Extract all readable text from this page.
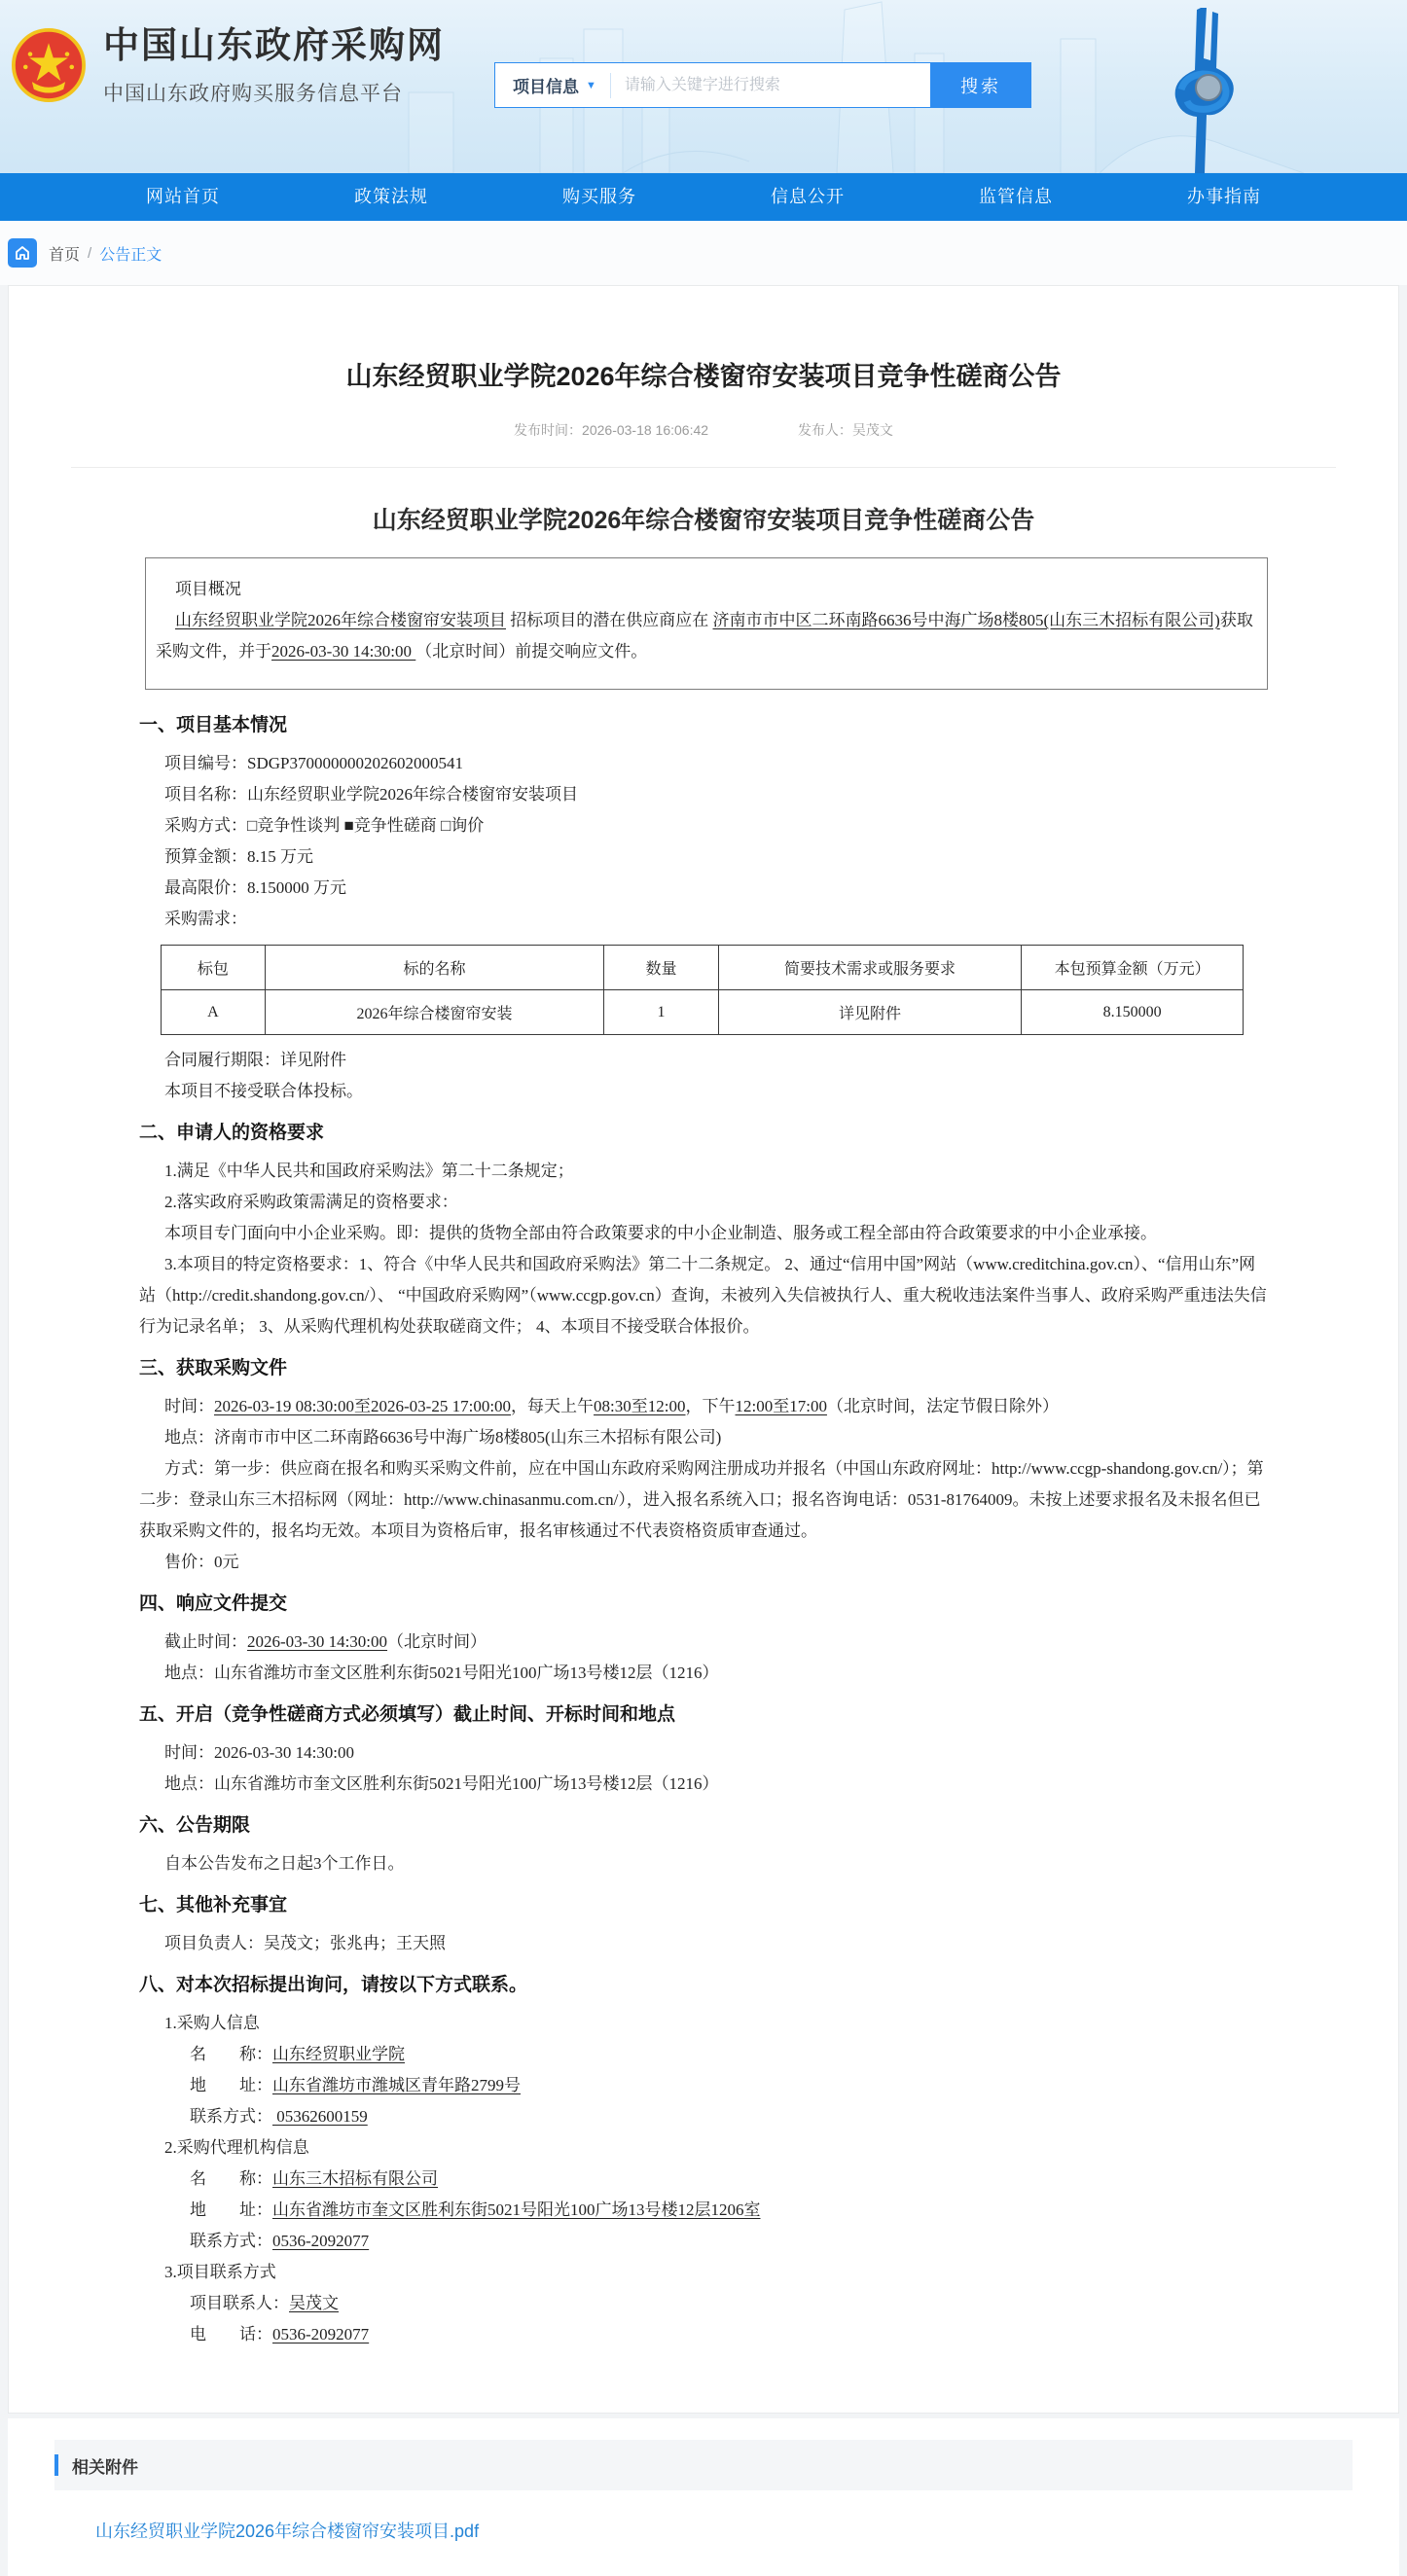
中国山东政府采购网
中国山东政府购买服务信息平台	项目信息 ▼
请输入关键字进行搜索	搜索
网站首页	政策法规	购买服务	信息公开	监管信息	办事指南
首页 / 公告正文
山东经贸职业学院2026年综合楼窗帘安装项目竞争性磋商公告
发布时间：2026-03-18 16:06:42	发布人：吴茂文
山东经贸职业学院2026年综合楼窗帘安装项目竞争性磋商公告

项目概况

山东经贸职业学院2026年综合楼窗帘安装项目 招标项目的潜在供应商应在 济南市市中区二环南路6636号中海广场8楼805(山东三木招标有限公司)获取采购文件，并于2026-03-30 14:30:00 （北京时间）前提交响应文件。

一、项目基本情况

项目编号：SDGP370000000202602000541

项目名称：山东经贸职业学院2026年综合楼窗帘安装项目

采购方式：□竞争性谈判 ■竞争性磋商 □询价

预算金额：8.15 万元

最高限价：8.150000 万元

采购需求：

标包	标的名称	数量	简要技术需求或服务要求	本包预算金额（万元）
A	2026年综合楼窗帘安装	1	详见附件	8.150000

合同履行期限：详见附件

本项目不接受联合体投标。

二、申请人的资格要求

1.满足《中华人民共和国政府采购法》第二十二条规定；

2.落实政府采购政策需满足的资格要求：

本项目专门面向中小企业采购。即：提供的货物全部由符合政策要求的中小企业制造、服务或工程全部由符合政策要求的中小企业承接。

3.本项目的特定资格要求：1、符合《中华人民共和国政府采购法》第二十二条规定。 2、通过“信用中国”网站（www.creditchina.gov.cn）、“信用山东”网站（http://credit.shandong.gov.cn/）、 “中国政府采购网”（www.ccgp.gov.cn）查询，未被列入失信被执行人、重大税收违法案件当事人、政府采购严重违法失信行为记录名单； 3、从采购代理机构处获取磋商文件； 4、本项目不接受联合体报价。

三、获取采购文件

时间：2026-03-19 08:30:00至2026-03-25 17:00:00，每天上午08:30至12:00，下午12:00至17:00（北京时间，法定节假日除外）

地点：济南市市中区二环南路6636号中海广场8楼805(山东三木招标有限公司)

方式：第一步：供应商在报名和购买采购文件前，应在中国山东政府采购网注册成功并报名（中国山东政府网址：http://www.ccgp-shandong.gov.cn/）；第二步：登录山东三木招标网（网址：http://www.chinasanmu.com.cn/），进入报名系统入口；报名咨询电话：0531-81764009。未按上述要求报名及未报名但已获取采购文件的，报名均无效。本项目为资格后审，报名审核通过不代表资格资质审查通过。

售价：0元

四、响应文件提交

截止时间：2026-03-30 14:30:00（北京时间）

地点：山东省潍坊市奎文区胜利东街5021号阳光100广场13号楼12层（1216）

五、开启（竞争性磋商方式必须填写）截止时间、开标时间和地点

时间：2026-03-30 14:30:00

地点：山东省潍坊市奎文区胜利东街5021号阳光100广场13号楼12层（1216）

六、公告期限

自本公告发布之日起3个工作日。

七、其他补充事宜

项目负责人：吴茂文；张兆冉；王天照

八、对本次招标提出询问，请按以下方式联系。

1.采购人信息

名　　称：山东经贸职业学院

地　　址：山东省潍坊市潍城区青年路2799号

联系方式： 05362600159

2.采购代理机构信息

名　　称：山东三木招标有限公司

地　　址：山东省潍坊市奎文区胜利东街5021号阳光100广场13号楼12层1206室

联系方式：0536-2092077

3.项目联系方式

项目联系人：吴茂文

电　　话：0536-2092077

相关附件
山东经贸职业学院2026年综合楼窗帘安装项目.pdf
